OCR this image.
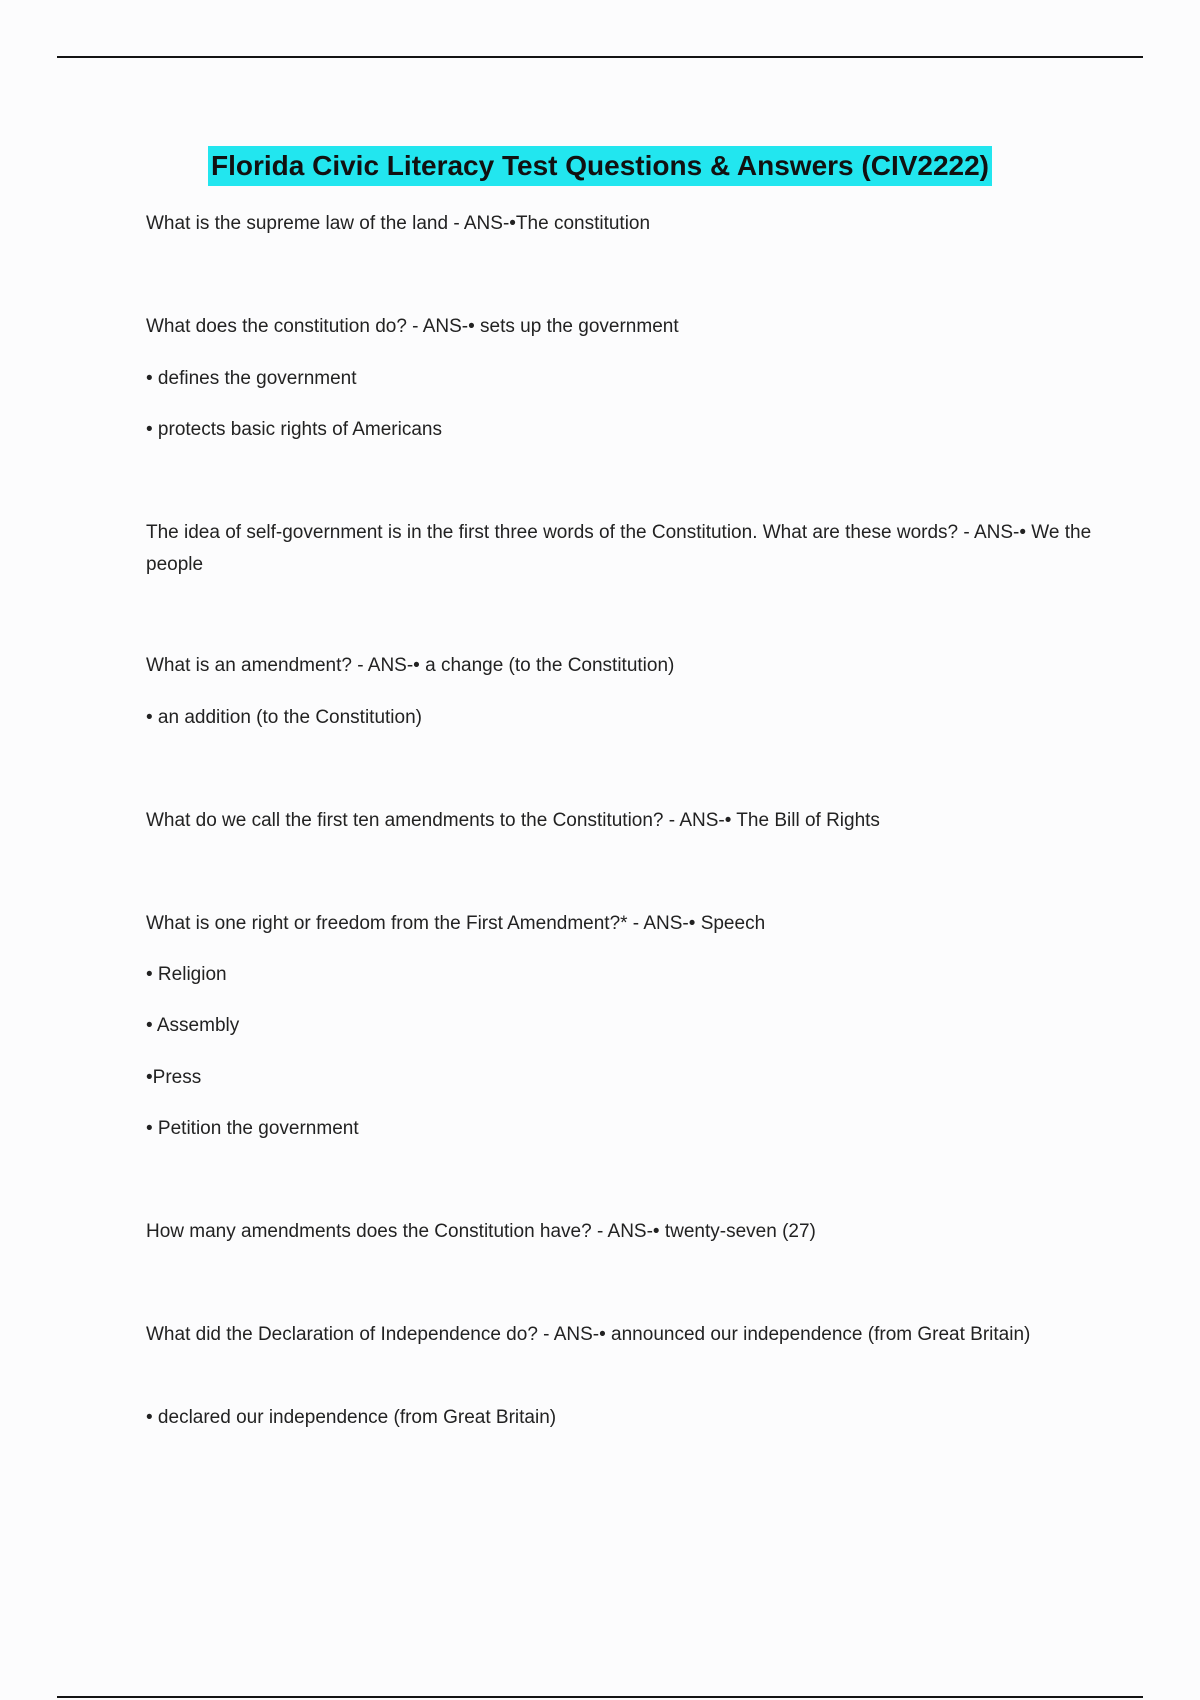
Florida Civic Literacy Test Questions & Answers (CIV2222)
What is the supreme law of the land - ANS-•The constitution
What does the constitution do? - ANS-• sets up the government
• defines the government
• protects basic rights of Americans
The idea of self-government is in the first three words of the Constitution. What are these words? - ANS-• We the people
What is an amendment? - ANS-• a change (to the Constitution)
• an addition (to the Constitution)
What do we call the first ten amendments to the Constitution? - ANS-• The Bill of Rights
What is one right or freedom from the First Amendment?* - ANS-• Speech
• Religion
• Assembly
•Press
• Petition the government
How many amendments does the Constitution have? - ANS-• twenty-seven (27)
What did the Declaration of Independence do? - ANS-• announced our independence (from Great Britain)
• declared our independence (from Great Britain)
